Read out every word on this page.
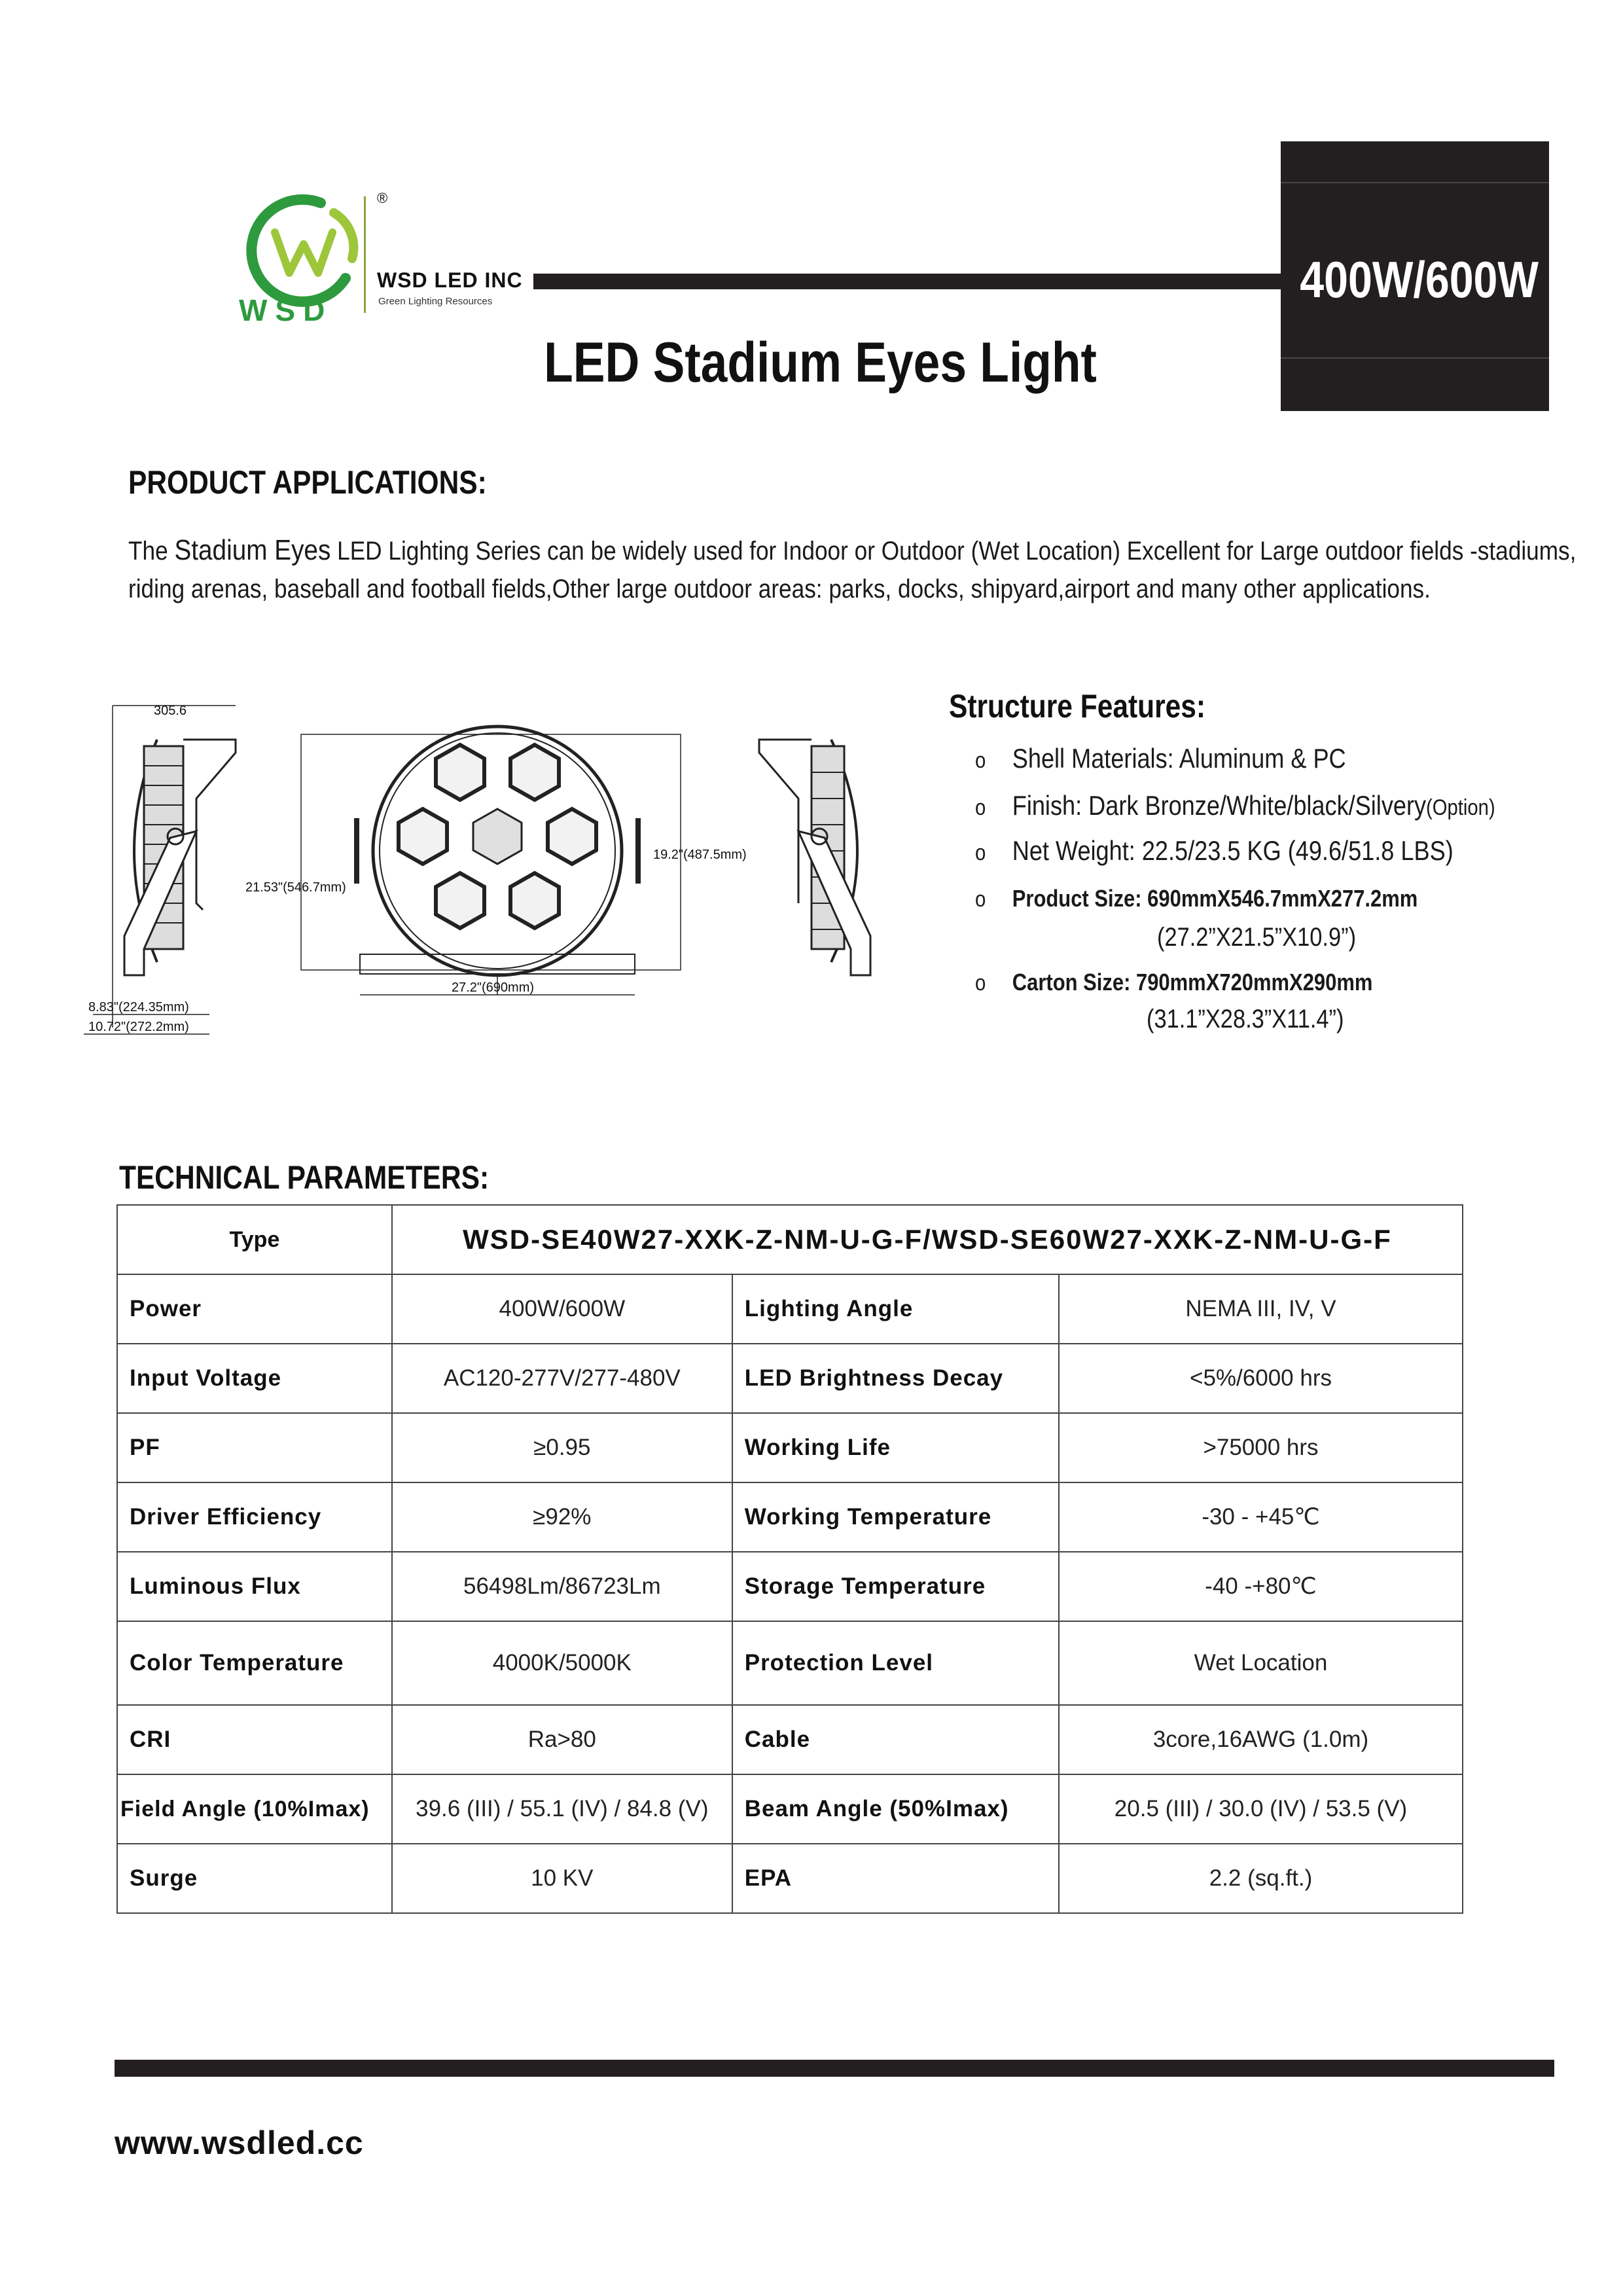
WSD
®
WSD LED INC
Green Lighting Resources	400W/600W
LED Stadium Eyes Light
PRODUCT APPLICATIONS:
The Stadium Eyes LED Lighting Series can be widely used for Indoor or Outdoor (Wet Location) Excellent for Large outdoor fields -stadiums, riding arenas, baseball and football fields,Other large outdoor areas: parks, docks, shipyard,airport and many other applications.
305.6
8.83"(224.35mm)
10.72"(272.2mm)
21.53"(546.7mm)
19.2"(487.5mm)
27.2"(690mm)
Structure Features:
o Shell Materials: Aluminum & PC
o Finish: Dark Bronze/White/black/Silvery(Option)
o Net Weight: 22.5/23.5 KG (49.6/51.8 LBS)
o Product Size: 690mmX546.7mmX277.2mm
(27.2”X21.5”X10.9”)
o Carton Size: 790mmX720mmX290mm
(31.1”X28.3”X11.4”)
TECHNICAL PARAMETERS:
Type	WSD-SE40W27-XXK-Z-NM-U-G-F/WSD-SE60W27-XXK-Z-NM-U-G-F		
Power	400W/600W	Lighting Angle	NEMA III, IV, V
Input Voltage	AC120-277V/277-480V	LED Brightness Decay	<5%/6000 hrs
PF	≥0.95	Working Life	>75000 hrs
Driver Efficiency	≥92%	Working Temperature	-30 - +45℃
Luminous Flux	56498Lm/86723Lm	Storage Temperature	-40 -+80℃
Color Temperature	4000K/5000K	Protection Level	Wet Location
CRI	Ra>80	Cable	3core,16AWG (1.0m)
Field Angle (10%Imax)	39.6 (III) / 55.1 (IV) / 84.8 (V)	Beam Angle (50%Imax)	20.5 (III) / 30.0 (IV) / 53.5 (V)
Surge	10 KV	EPA	2.2 (sq.ft.)
www.wsdled.cc
